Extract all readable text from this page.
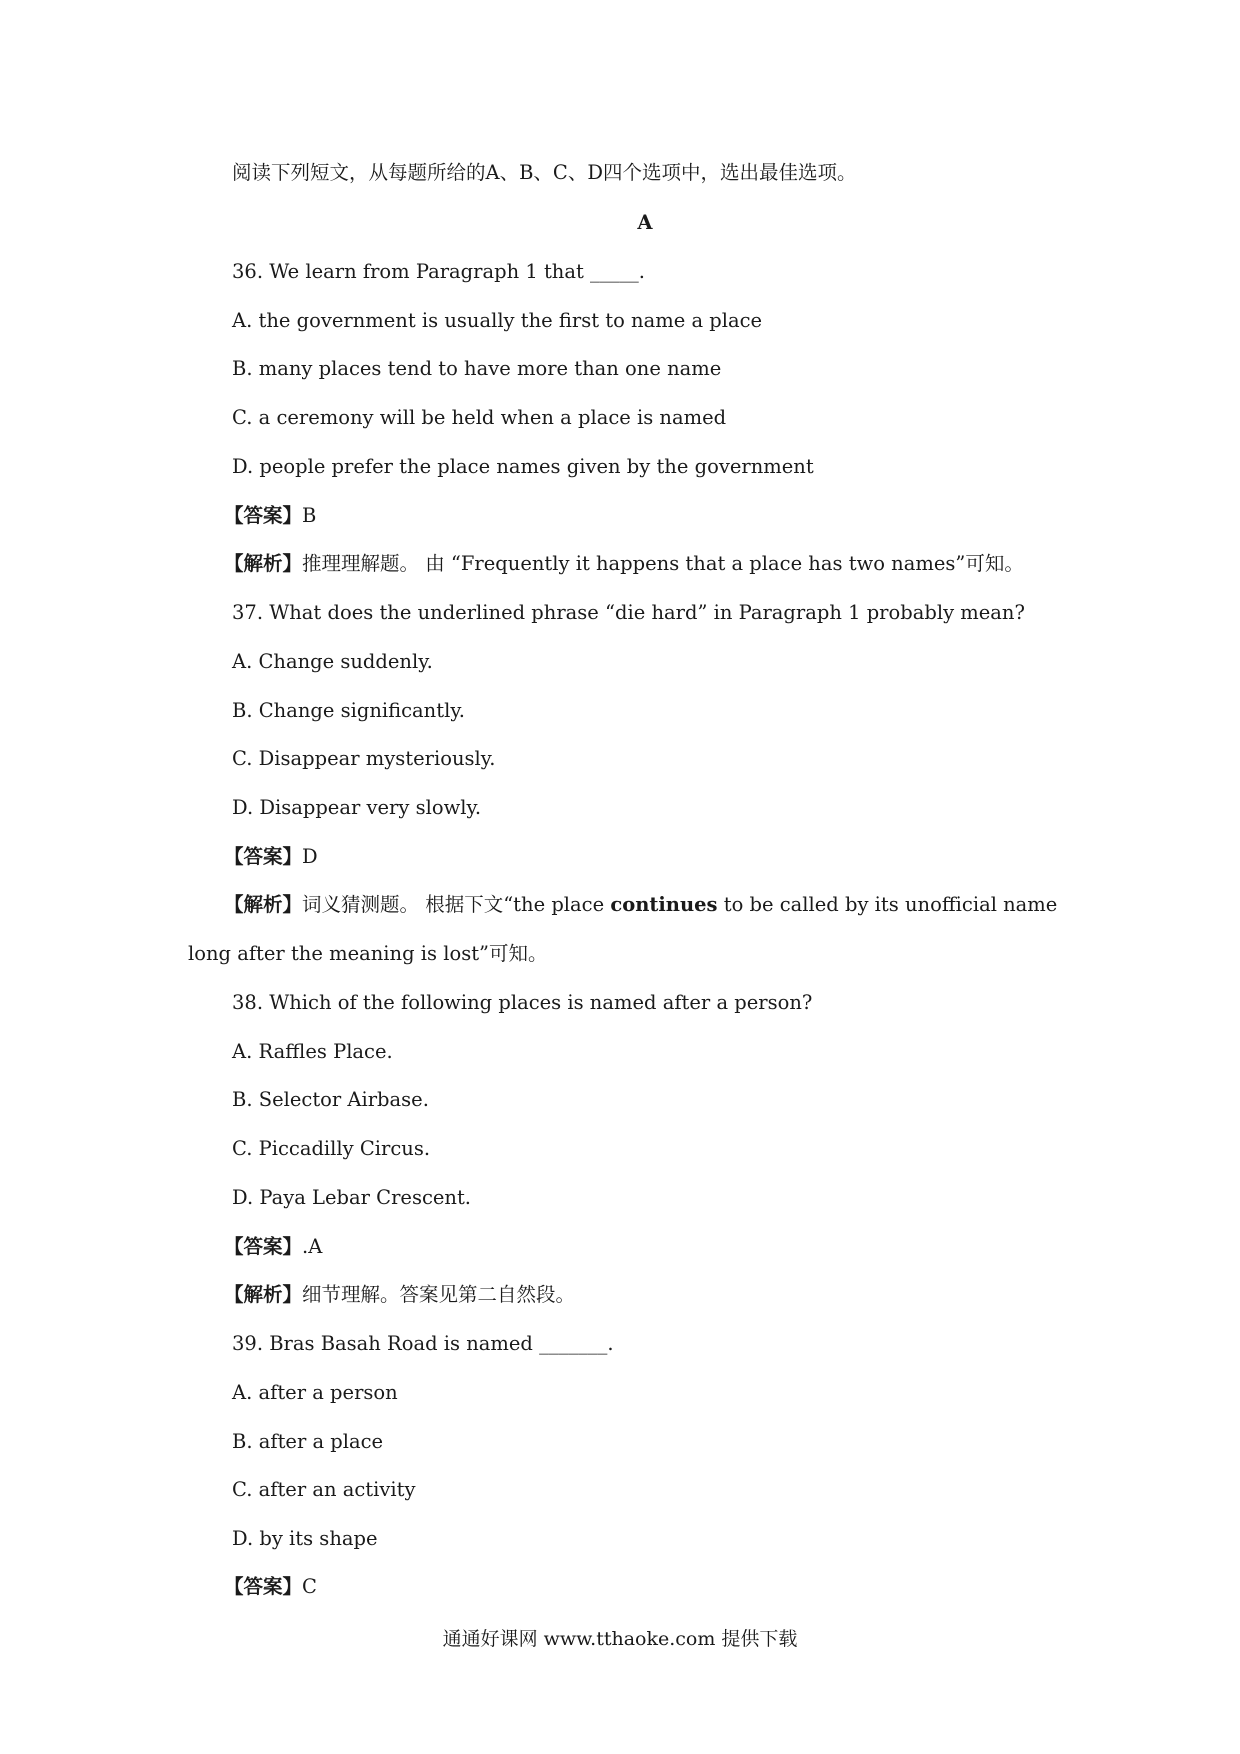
阅读下列短文，从每题所给的A、B、C、D四个选项中，选出最佳选项。
A
36. We learn from Paragraph 1 that _____.
A. the government is usually the first to name a place
B. many places tend to have more than one name
C. a ceremony will be held when a place is named
D. people prefer the place names given by the government
【答案】B
【解析】推理理解题。 由 “Frequently it happens that a place has two names”可知。
37. What does the underlined phrase “die hard” in Paragraph 1 probably mean?
A. Change suddenly.
B. Change significantly.
C. Disappear mysteriously.
D. Disappear very slowly.
【答案】D
【解析】词义猜测题。 根据下文“the place continues to be called by its unofficial name
long after the meaning is lost”可知。
38. Which of the following places is named after a person?
A. Raffles Place.
B. Selector Airbase.
C. Piccadilly Circus.
D. Paya Lebar Crescent.
【答案】.A
【解析】细节理解。答案见第二自然段。
39. Bras Basah Road is named _______.
A. after a person
B. after a place
C. after an activity
D. by its shape
【答案】C
通通好课网 www.tthaoke.com 提供下载
